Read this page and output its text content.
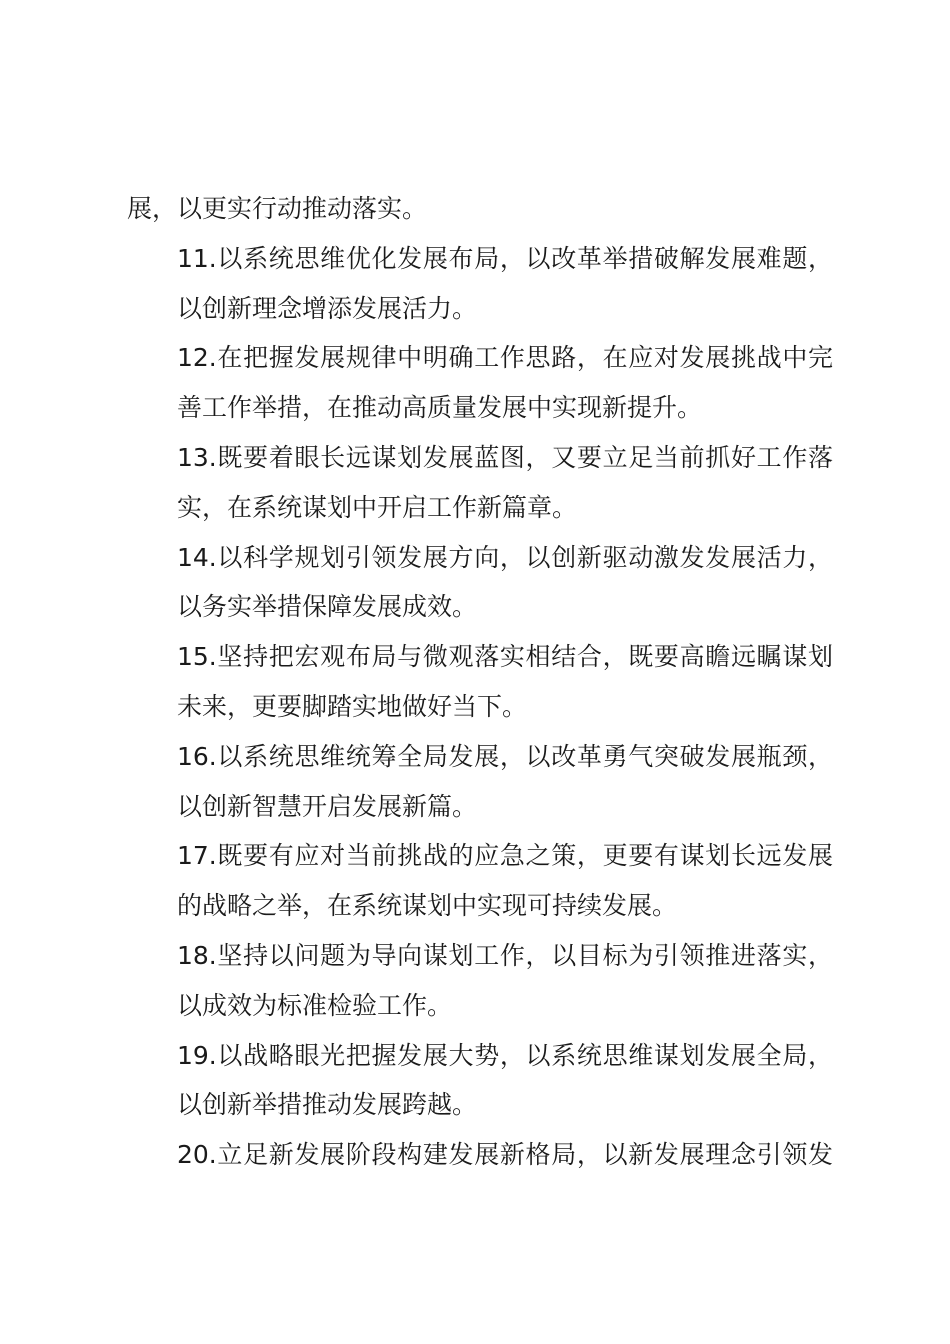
展，以更实行动推动落实。

11.以系统思维优化发展布局，以改革举措破解发展难题，
以创新理念增添发展活力。

12.在把握发展规律中明确工作思路，在应对发展挑战中完
善工作举措，在推动高质量发展中实现新提升。

13.既要着眼长远谋划发展蓝图，又要立足当前抓好工作落
实，在系统谋划中开启工作新篇章。

14.以科学规划引领发展方向，以创新驱动激发发展活力，
以务实举措保障发展成效。

15.坚持把宏观布局与微观落实相结合，既要高瞻远瞩谋划
未来，更要脚踏实地做好当下。

16.以系统思维统筹全局发展，以改革勇气突破发展瓶颈，
以创新智慧开启发展新篇。

17.既要有应对当前挑战的应急之策，更要有谋划长远发展
的战略之举，在系统谋划中实现可持续发展。

18.坚持以问题为导向谋划工作，以目标为引领推进落实，
以成效为标准检验工作。

19.以战略眼光把握发展大势，以系统思维谋划发展全局，
以创新举措推动发展跨越。

20.立足新发展阶段构建发展新格局，以新发展理念引领发
